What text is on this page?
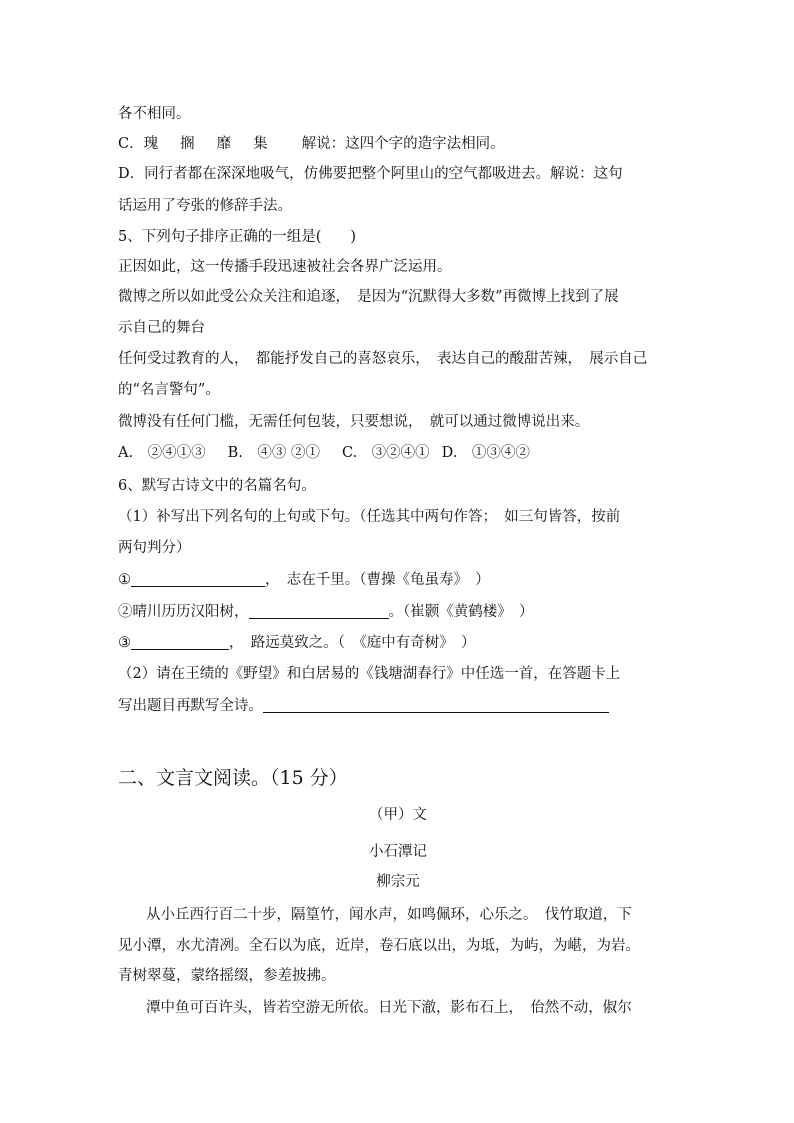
各不相同。
C．瑰 搁 靡 集 解说：这四个字的造字法相同。
D．同行者都在深深地吸气，仿佛要把整个阿里山的空气都吸进去。解说：这句
话运用了夸张的修辞手法。
5、下列句子排序正确的一组是(　　)
正因如此，这一传播手段迅速被社会各界广泛运用。
微博之所以如此受公众关注和追逐，　是因为“沉默得大多数”再微博上找到了展
示自己的舞台
任何受过教育的人，　都能抒发自己的喜怒哀乐，　表达自己的酸甜苦辣，　展示自己
的“名言警句”。
微博没有任何门槛，无需任何包装，只要想说，　就可以通过微博说出来。
A.　②④①③ B.　④③ ②① C.　③②④① D.　①③④②
6、默写古诗文中的名篇名句。
（1）补写出下列名句的上句或下句。（任选其中两句作答；　如三句皆答，按前
两句判分）
①	，　志在千里。（曹操《龟虽寿》　）
②晴川历历汉阳树，	。（崔颢《黄鹤楼》　）
③	，　路远莫致之。（　《庭中有奇树》　）
（2）请在王绩的《野望》和白居易的《钱塘湖春行》中任选一首，在答题卡上
写出题目再默写全诗。
二、文言文阅读。（15 分）
（甲）文
小石潭记
柳宗元
从小丘西行百二十步，隔篁竹，闻水声，如鸣佩环，心乐之。　伐竹取道，下
见小潭，水尤清冽。全石以为底，近岸，卷石底以出，为坻，为屿，为嵁，为岩。
青树翠蔓，蒙络摇缀，参差披拂。
潭中鱼可百许头，皆若空游无所依。日光下澈，影布石上，　佁然不动，俶尔
